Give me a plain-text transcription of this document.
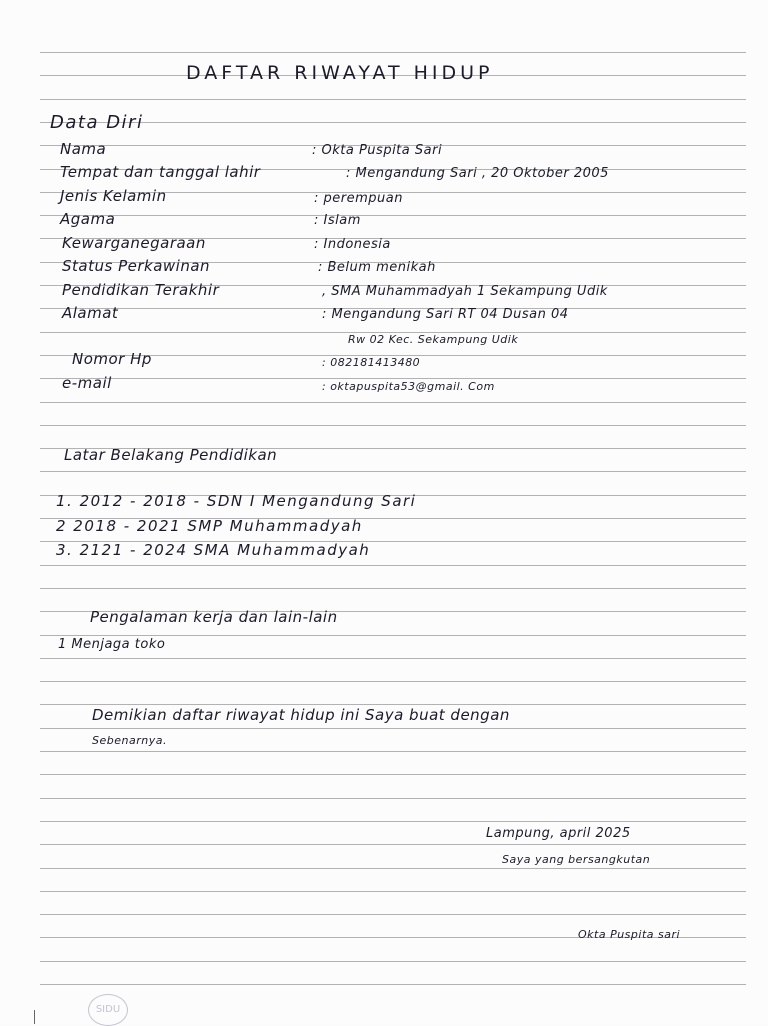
DAFTAR RIWAYAT HIDUP
Data Diri
Nama	: Okta Puspita Sari
Tempat dan tanggal lahir	: Mengandung Sari , 20 Oktober 2005
Jenis Kelamin	: perempuan
Agama	: Islam
Kewarganegaraan	: Indonesia
Status Perkawinan	: Belum menikah
Pendidikan Terakhir	, SMA Muhammadyah 1 Sekampung Udik
Alamat	: Mengandung Sari RT 04 Dusan 04
Rw 02 Kec. Sekampung Udik
Nomor Hp	: 082181413480
e-mail	: oktapuspita53@gmail. Com
Latar Belakang Pendidikan
1. 2012 - 2018 - SDN I Mengandung Sari
2 2018 - 2021 SMP Muhammadyah
3. 2121 - 2024 SMA Muhammadyah
Pengalaman kerja dan lain-lain
1 Menjaga toko
Demikian daftar riwayat hidup ini Saya buat dengan
Sebenarnya.
Lampung, april 2025
Saya yang bersangkutan
Okta Puspita sari
SIDU
